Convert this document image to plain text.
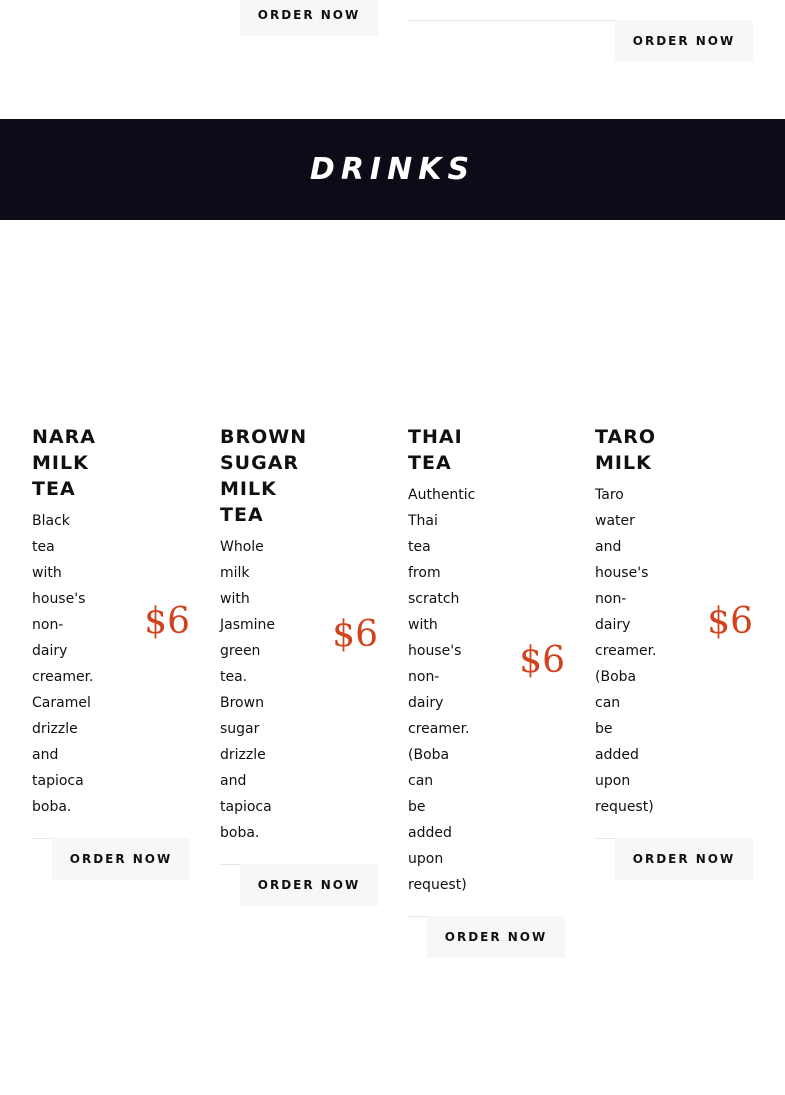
ORDER NOW
ORDER NOW
DRINKS
NARA
MILK
TEA
Black
tea
with
house's
non-
dairy
creamer.
Caramel
drizzle
and
tapioca
boba.
$6
ORDER NOW
BROWN
SUGAR
MILK
TEA
Whole
milk
with
Jasmine
green
tea.
Brown
sugar
drizzle
and
tapioca
boba.
$6
ORDER NOW
THAI
TEA
Authentic
Thai
tea
from
scratch
with
house's
non-
dairy
creamer.
(Boba
can
be
added
upon
request)
$6
ORDER NOW
TARO
MILK
Taro
water
and
house's
non-
dairy
creamer.
(Boba
can
be
added
upon
request)
$6
ORDER NOW
